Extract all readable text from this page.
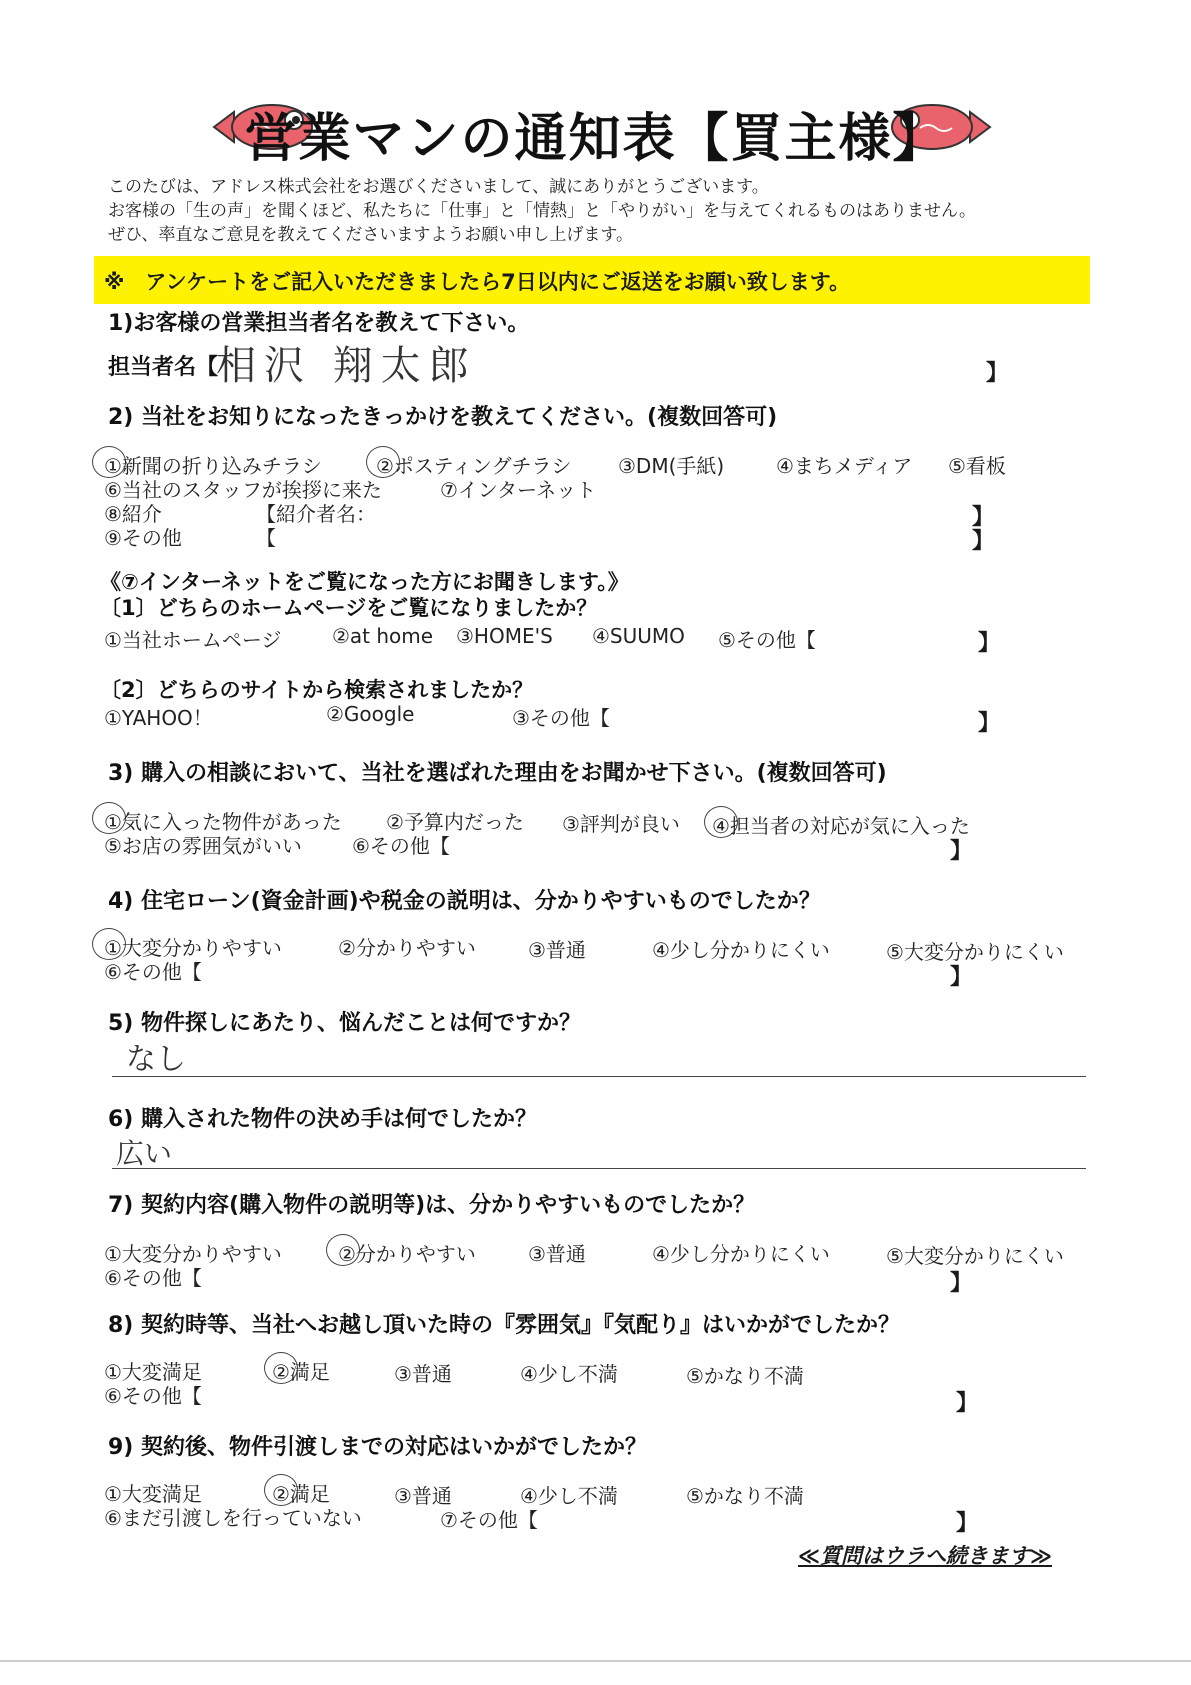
営業マンの通知表【買主様】
このたびは、アドレス株式会社をお選びくださいまして、誠にありがとうございます。
お客様の「生の声」を聞くほど、私たちに「仕事」と「情熱」と「やりがい」を与えてくれるものはありません。
ぜひ、率直なご意見を教えてくださいますようお願い申し上げます。
※　アンケートをご記入いただきましたら7日以内にご返送をお願い致します。
1)お客様の営業担当者名を教えて下さい。
担当者名【
相沢 翔太郎	】
2) 当社をお知りになったきっかけを教えてください。(複数回答可)
①新聞の折り込みチラシ	②ポスティングチラシ ③DM(手紙)	④まちメディア ⑤看板
⑥当社のスタッフが挨拶に来た	⑦インターネット
⑧紹介	【紹介者名：	】
⑨その他	【	】
《⑦インターネットをご覧になった方にお聞きします。》
〔1〕どちらのホームページをご覧になりましたか？
①当社ホームページ	②at home ③HOME'S ④SUUMO ⑤その他【	】
〔2〕どちらのサイトから検索されましたか？
①YAHOO！	②Google	③その他【	】
3) 購入の相談において、当社を選ばれた理由をお聞かせ下さい。(複数回答可)
①気に入った物件があった ②予算内だった ③評判が良い ④担当者の対応が気に入った
⑤お店の雰囲気がいい	⑥その他【	】
4) 住宅ローン(資金計画)や税金の説明は、分かりやすいものでしたか？
①大変分かりやすい	②分かりやすい	③普通	④少し分かりにくい	⑤大変分かりにくい
⑥その他【	】
5) 物件探しにあたり、悩んだことは何ですか？
なし
6) 購入された物件の決め手は何でしたか？
広い
7) 契約内容(購入物件の説明等)は、分かりやすいものでしたか？
①大変分かりやすい	②分かりやすい	③普通	④少し分かりにくい	⑤大変分かりにくい
⑥その他【	】
8) 契約時等、当社へお越し頂いた時の『雰囲気』『気配り』はいかがでしたか？
①大変満足	②満足	③普通	④少し不満	⑤かなり不満
⑥その他【	】
9) 契約後、物件引渡しまでの対応はいかがでしたか？
①大変満足	②満足	③普通	④少し不満	⑤かなり不満
⑥まだ引渡しを行っていない	⑦その他【	】
≪質問はウラへ続きます≫
